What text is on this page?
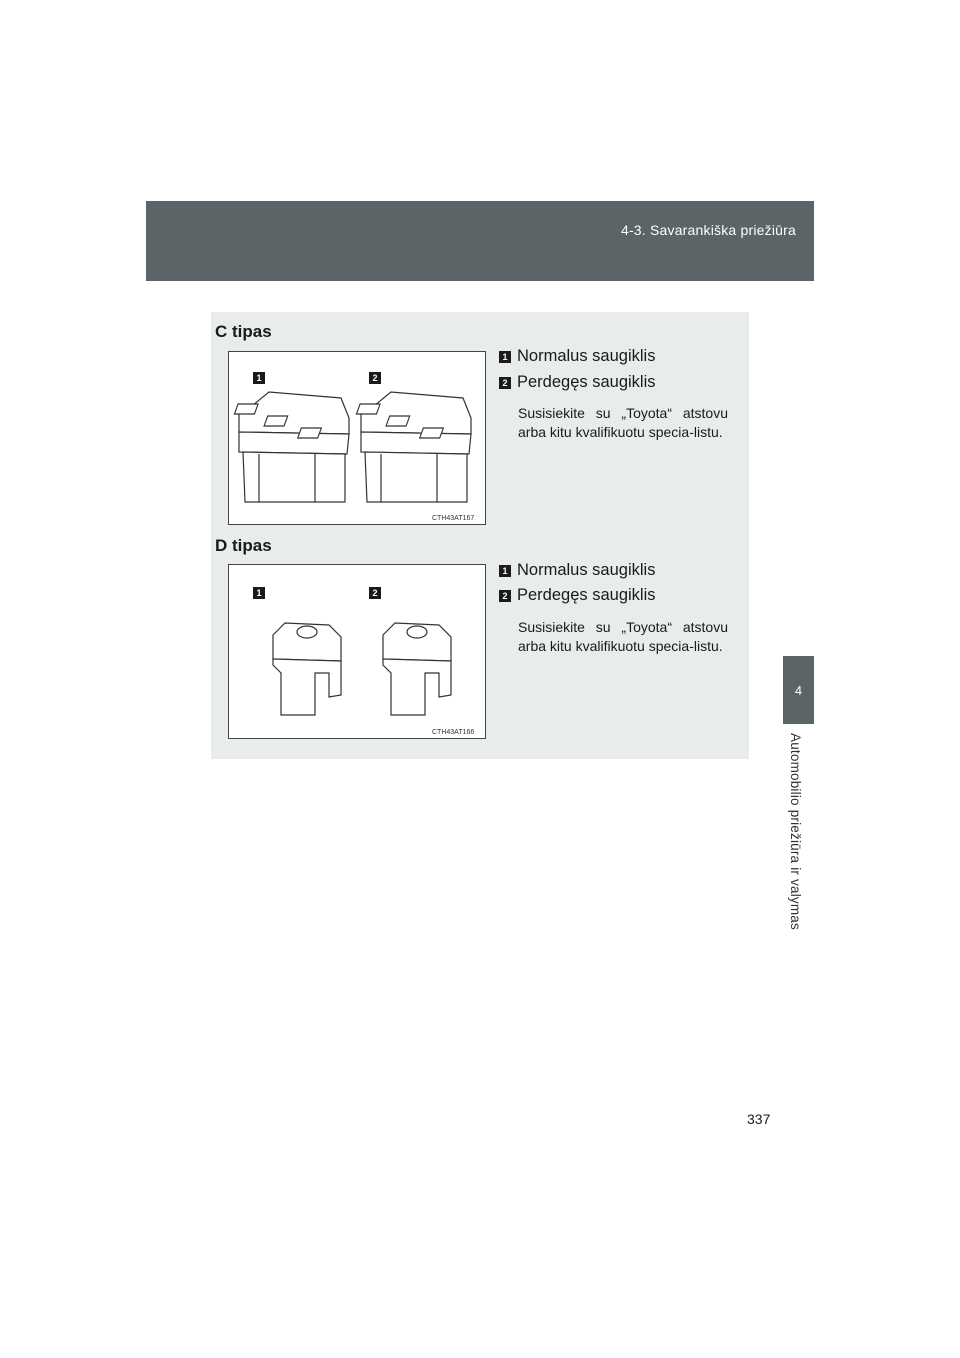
4-3. Savarankiška priežiūra
4
Automobilio priežiūra ir valymas
C tipas
1	2
CTH43AT167
1 Normalus saugiklis
2 Perdegęs saugiklis
Susisiekite su „Toyota“ atstovu arba kitu kvalifikuotu specia-listu.
D tipas
1	2
CTH43AT166
1 Normalus saugiklis
2 Perdegęs saugiklis
Susisiekite su „Toyota“ atstovu arba kitu kvalifikuotu specia-listu.
337
